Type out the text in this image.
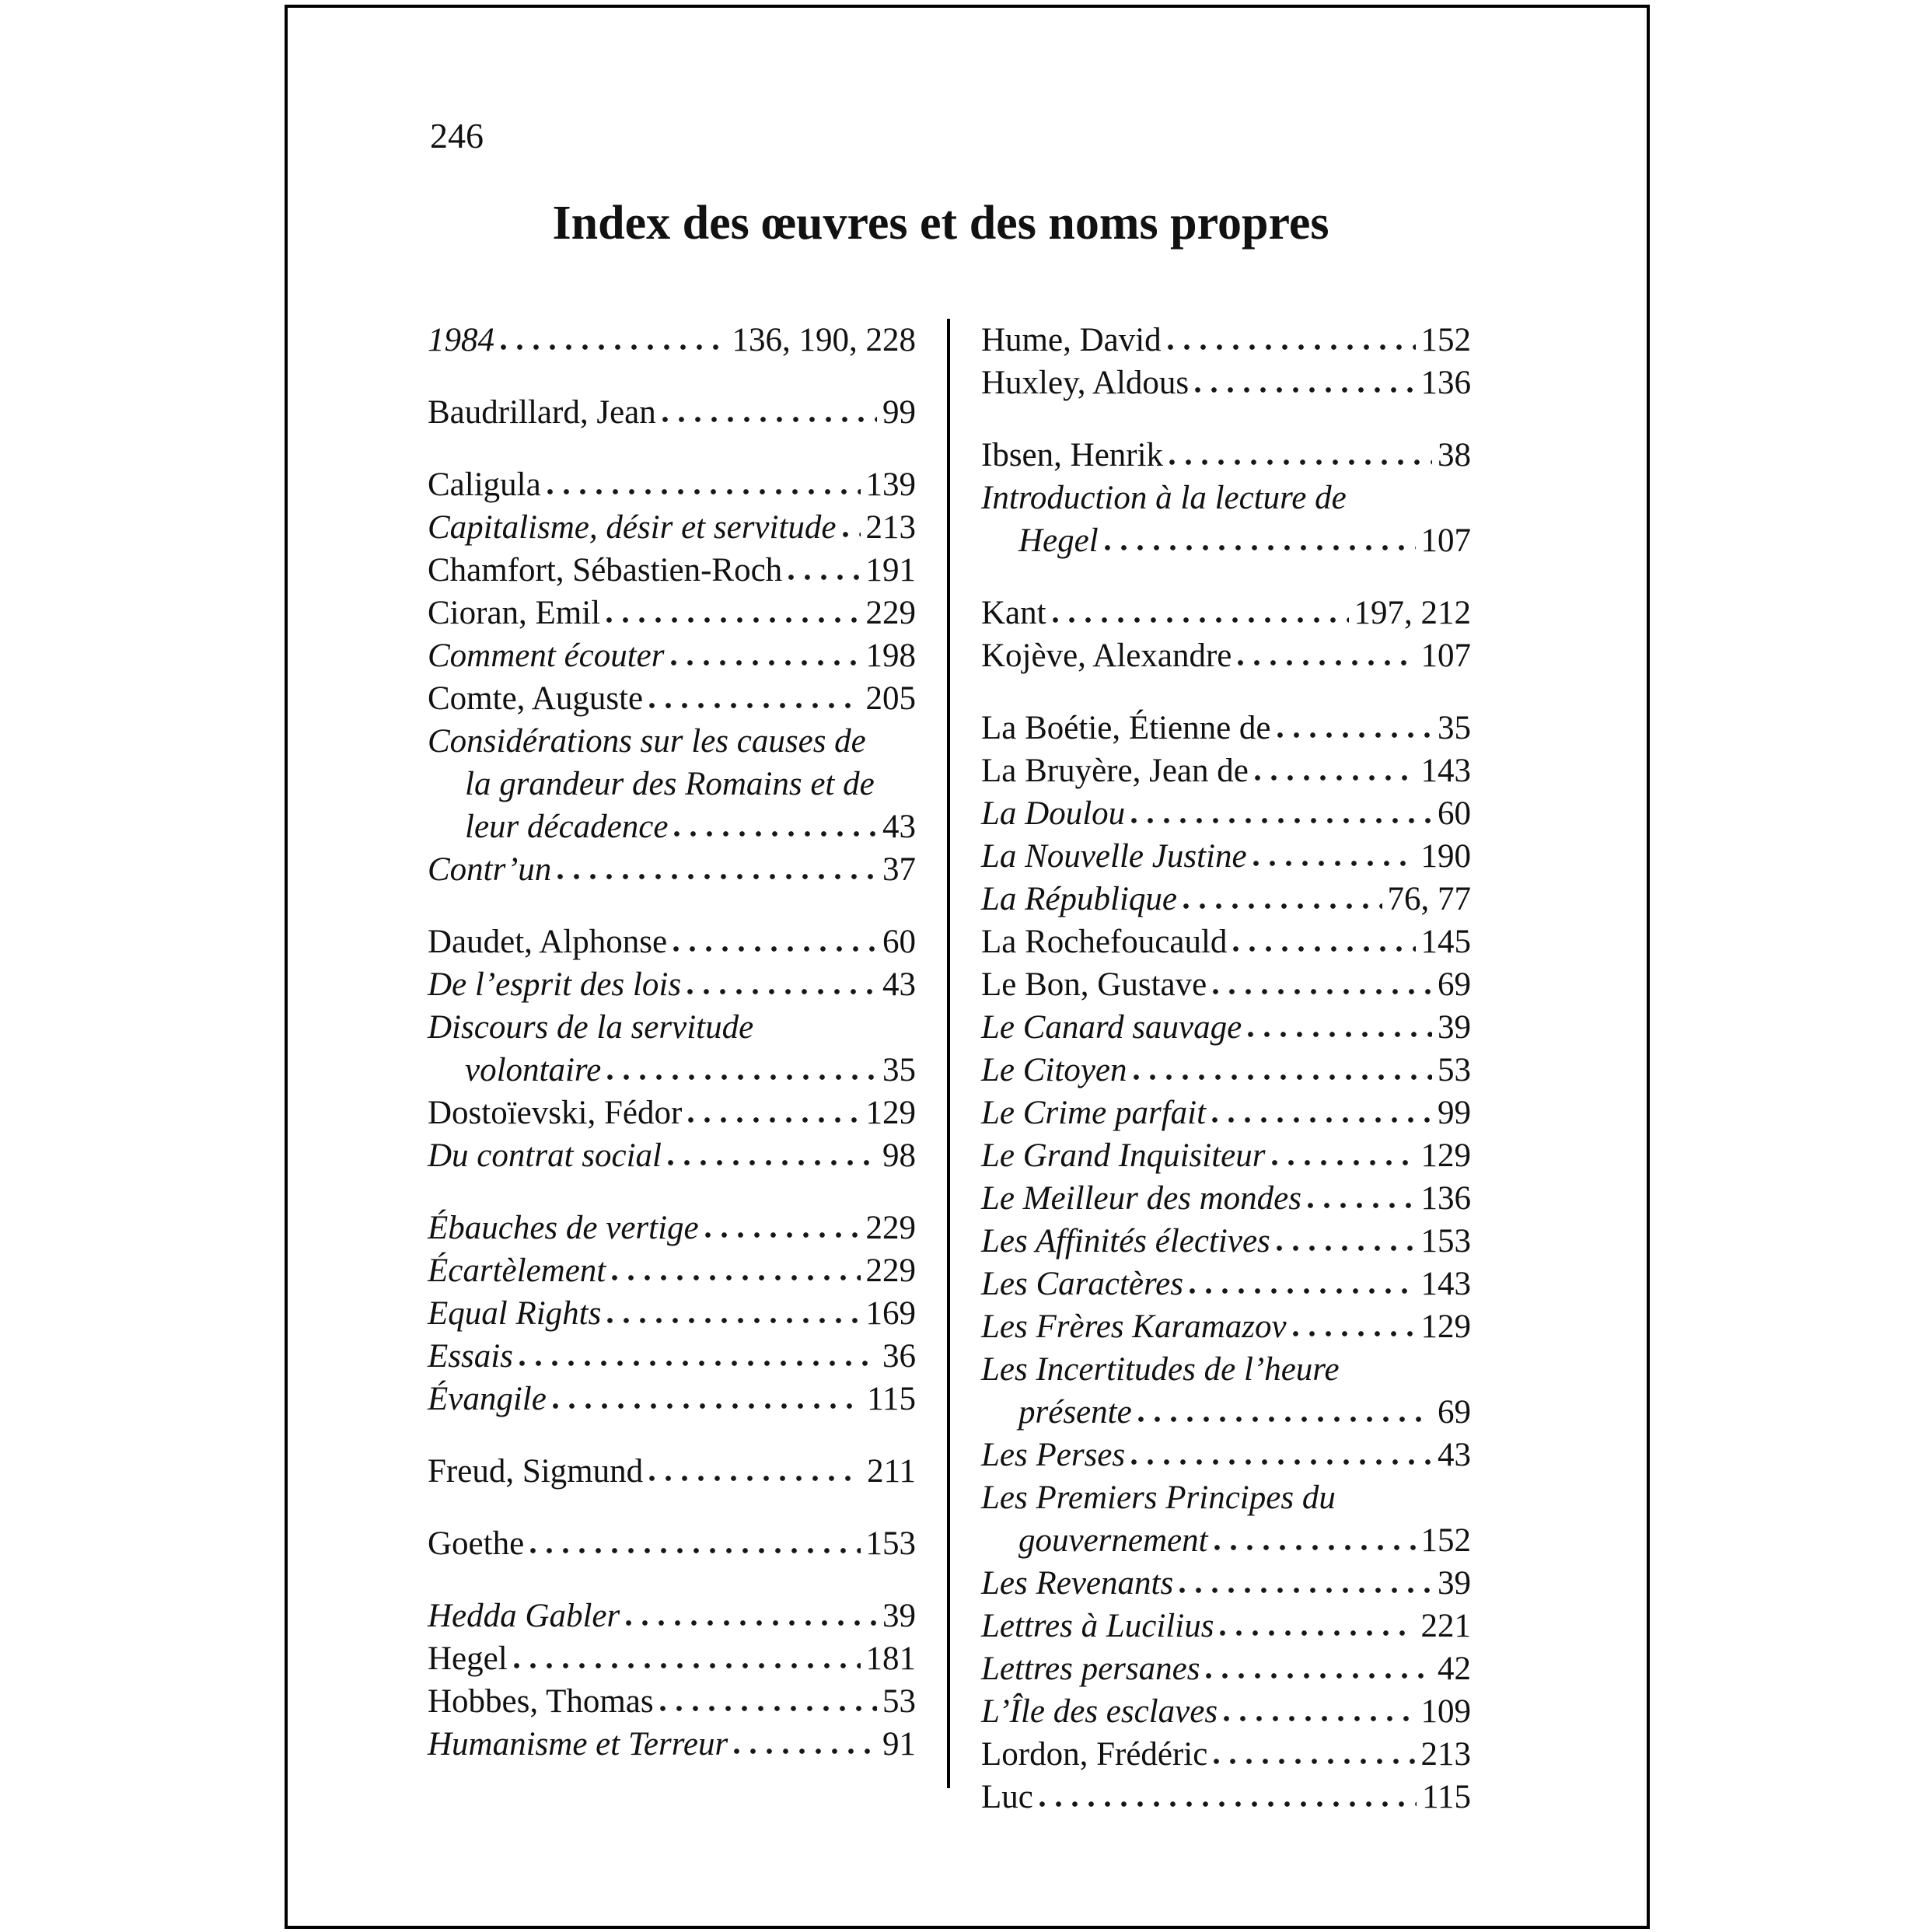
246
Index des œuvres et des noms propres
1984	136, 190, 228
Baudrillard, Jean	99
Caligula	139
Capitalisme, désir et servitude 213
Chamfort, Sébastien-Roch 191
Cioran, Emil	229
Comment écouter	198
Comte, Auguste	205
Considérations sur les causes de
la grandeur des Romains et de
leur décadence	43
Contr’un	37
Daudet, Alphonse	60
De l’esprit des lois	43
Discours de la servitude
volontaire	35
Dostoïevski, Fédor	129
Du contrat social	98
Ébauches de vertige	229
Écartèlement	229
Equal Rights	169
Essais	36
Évangile	115
Freud, Sigmund	211
Goethe	153
Hedda Gabler	39
Hegel	181
Hobbes, Thomas	53
Humanisme et Terreur	91
Hume, David	152
Huxley, Aldous	136
Ibsen, Henrik	38
Introduction à la lecture de
Hegel	107
Kant	197, 212
Kojève, Alexandre	107
La Boétie, Étienne de	35
La Bruyère, Jean de	143
La Doulou	60
La Nouvelle Justine	190
La République	76, 77
La Rochefoucauld	145
Le Bon, Gustave	69
Le Canard sauvage	39
Le Citoyen	53
Le Crime parfait	99
Le Grand Inquisiteur	129
Le Meilleur des mondes	136
Les Affinités électives	153
Les Caractères	143
Les Frères Karamazov	129
Les Incertitudes de l’heure
présente	69
Les Perses	43
Les Premiers Principes du
gouvernement	152
Les Revenants	39
Lettres à Lucilius	221
Lettres persanes	42
L’Île des esclaves	109
Lordon, Frédéric	213
Luc	115
